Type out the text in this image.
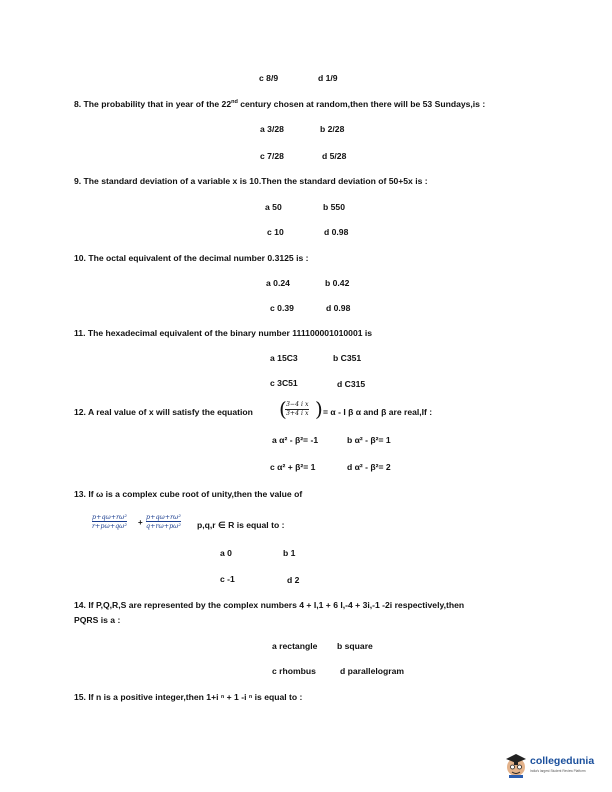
c 8/9	d 1/9
8. The probability that in year of the 22nd century chosen at random,then there will be 53 Sundays,is :
a 3/28	b 2/28
c 7/28	d 5/28
9. The standard deviation of a variable x is 10.Then the standard deviation of 50+5x is :
a 50	b 550
c 10	d 0.98
10. The octal equivalent of the decimal number 0.3125 is :
a 0.24	b 0.42
c 0.39	d 0.98
11. The hexadecimal equivalent of the binary number 111100001010001 is
a 15C3	b C351
c 3C51	d C315
12. A real value of x will satisfy the equation (
$\frac{\text{3−4 i x}}{\text{3+4 i x}}$ ) = α - I β α and β are real,If :
a α² - β²= -1	b α² - β²= 1
c α² + β²= 1	d α² - β²= 2
13. If ω is a complex cube root of unity,then the value of
$\frac{\text{p+qω+rω²}}{\text{r+pω+qω²}} + \frac{\text{p+qω+rω²}}{\text{q+rω+pω²}} p,q,r$ ∈ R is equal to :
a 0	b 1
c -1	d 2
14. If P,Q,R,S are represented by the complex numbers 4 + I,1 + 6 I,-4 + 3i,-1 -2i respectively,then
PQRS is a :
a rectangle b square
c rhombus	d parallelogram
15. If n is a positive integer,then 1+i ⁿ + 1 -i ⁿ is equal to :
collegedunia
India's largest Student Review Platform
